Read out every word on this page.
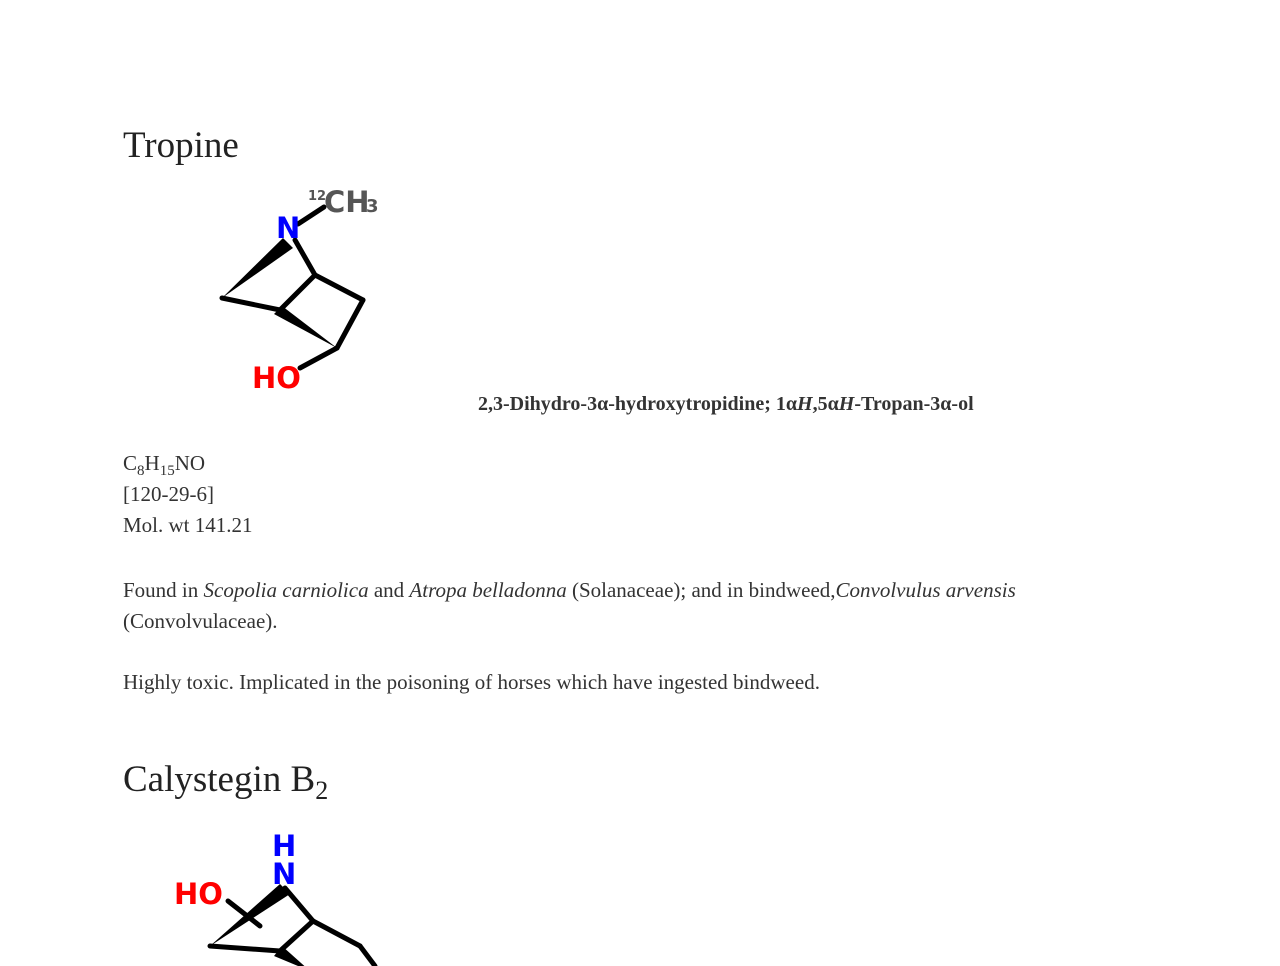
Tropine
12
CH
3
N
HO
2,3-Dihydro-3α-hydroxytropidine; 1αH,5αH-Tropan-3α-ol
$C_8H_{15}NO$
[120-29-6]
Mol. wt 141.21

Found in Scopolia carniolica and Atropa belladonna (Solanaceae); and in bindweed,Convolvulus arvensis (Convolvulaceae).

Highly toxic. Implicated in the poisoning of horses which have ingested bindweed.

Calystegin $B_2$
H
N
HO
